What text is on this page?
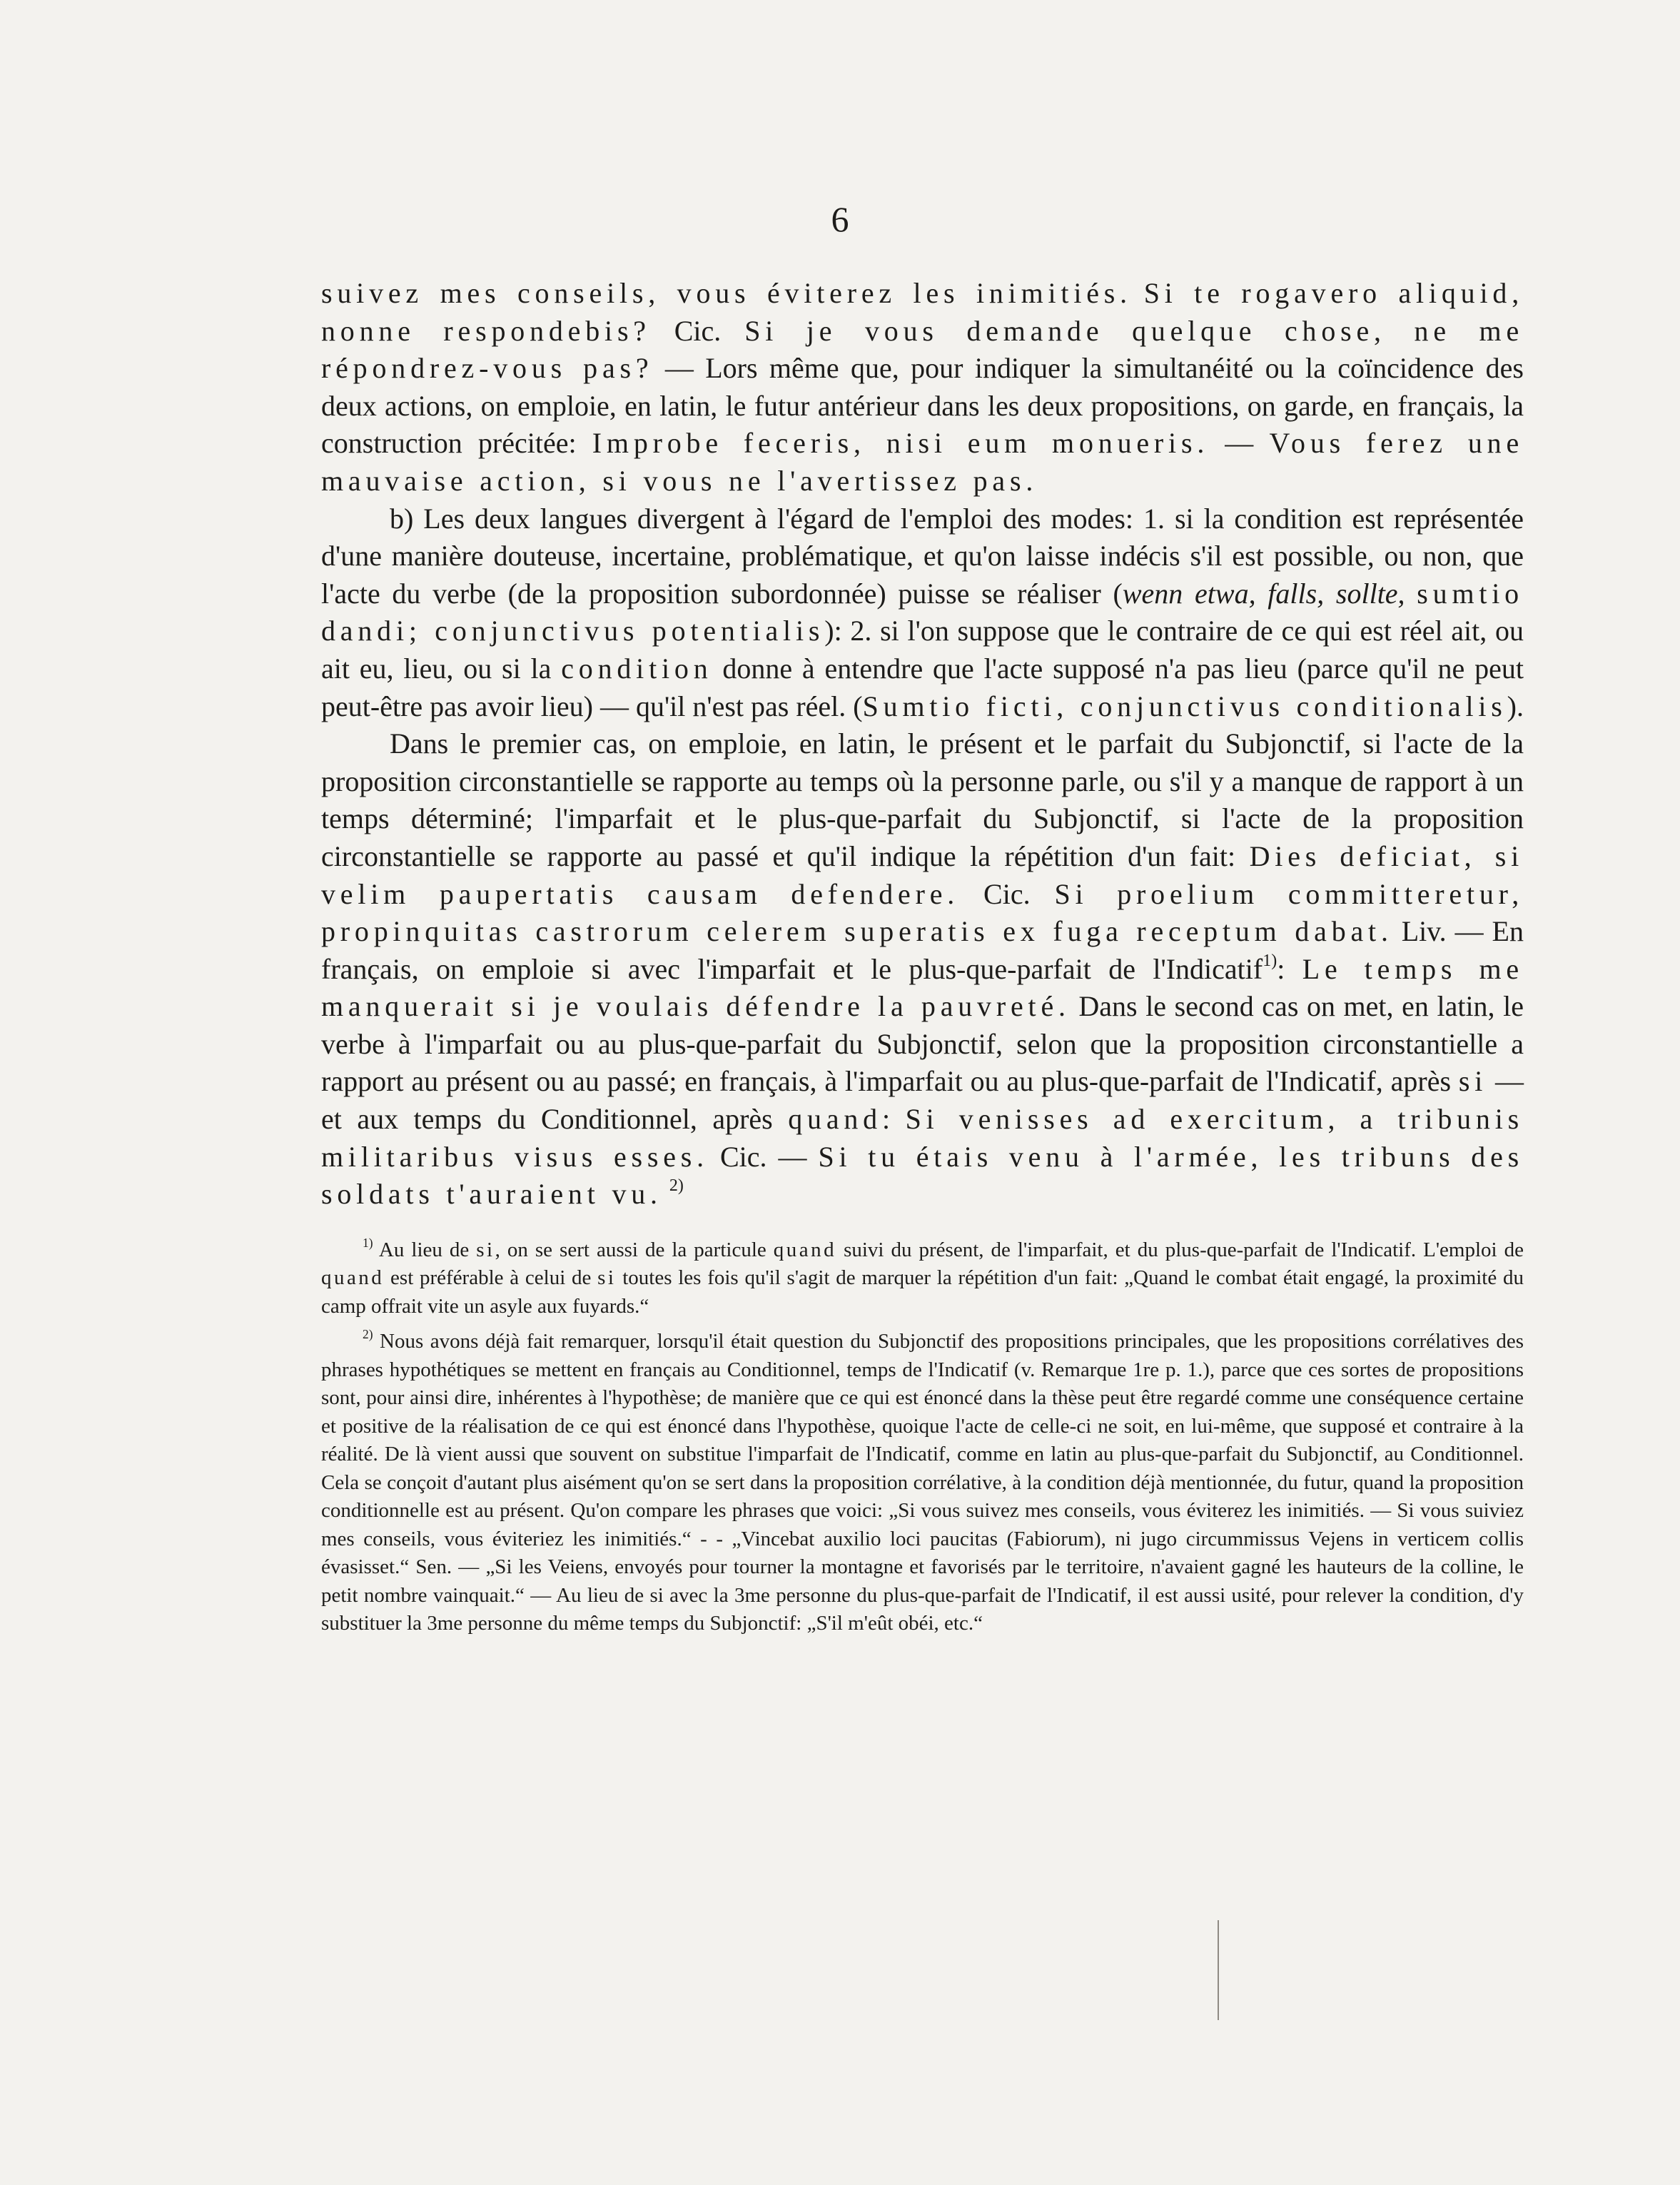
6

suivez mes conseils, vous éviterez les inimitiés. Si te rogavero aliquid, nonne respondebis? Cic. Si je vous demande quelque chose, ne me répondrez-vous pas? — Lors même que, pour indiquer la simultanéité ou la coïncidence des deux actions, on emploie, en latin, le futur antérieur dans les deux propositions, on garde, en français, la construction précitée: Improbe feceris, nisi eum monueris. — Vous ferez une mauvaise action, si vous ne l'avertissez pas.

b) Les deux langues divergent à l'égard de l'emploi des modes: 1. si la condition est représentée d'une manière douteuse, incertaine, problématique, et qu'on laisse indécis s'il est possible, ou non, que l'acte du verbe (de la proposition subordonnée) puisse se réaliser (wenn etwa, falls, sollte, sumtio dandi; conjunctivus potentialis): 2. si l'on suppose que le contraire de ce qui est réel ait, ou ait eu, lieu, ou si la condition donne à entendre que l'acte supposé n'a pas lieu (parce qu'il ne peut peut-être pas avoir lieu) — qu'il n'est pas réel. (Sumtio ficti, conjunctivus conditionalis).

Dans le premier cas, on emploie, en latin, le présent et le parfait du Subjonctif, si l'acte de la proposition circonstantielle se rapporte au temps où la personne parle, ou s'il y a manque de rapport à un temps déterminé; l'imparfait et le plus-que-parfait du Subjonctif, si l'acte de la proposition circonstantielle se rapporte au passé et qu'il indique la répétition d'un fait: Dies deficiat, si velim paupertatis causam defendere. Cic. Si proelium committeretur, propinquitas castrorum celerem superatis ex fuga receptum dabat. Liv. — En français, on emploie si avec l'imparfait et le plus-que-parfait de l'Indicatif$^{1)}$: Le temps me manquerait si je voulais défendre la pauvreté. Dans le second cas on met, en latin, le verbe à l'imparfait ou au plus-que-parfait du Subjonctif, selon que la proposition circonstantielle a rapport au présent ou au passé; en français, à l'imparfait ou au plus-que-parfait de l'Indicatif, après si — et aux temps du Conditionnel, après quand: Si venisses ad exercitum, a tribunis militaribus visus esses. Cic. — Si tu étais venu à l'armée, les tribuns des soldats t'auraient vu. $^{2)}$

$^{1)}$ Au lieu de si, on se sert aussi de la particule quand suivi du présent, de l'imparfait, et du plus-que-parfait de l'Indicatif. L'emploi de quand est préférable à celui de si toutes les fois qu'il s'agit de marquer la répétition d'un fait: „Quand le combat était engagé, la proximité du camp offrait vite un asyle aux fuyards.“

$^{2)}$ Nous avons déjà fait remarquer, lorsqu'il était question du Subjonctif des propositions principales, que les propositions corrélatives des phrases hypothétiques se mettent en français au Conditionnel, temps de l'Indicatif (v. Remarque 1re p. 1.), parce que ces sortes de propositions sont, pour ainsi dire, inhérentes à l'hypothèse; de manière que ce qui est énoncé dans la thèse peut être regardé comme une conséquence certaine et positive de la réalisation de ce qui est énoncé dans l'hypothèse, quoique l'acte de celle-ci ne soit, en lui-même, que supposé et contraire à la réalité. De là vient aussi que souvent on substitue l'imparfait de l'Indicatif, comme en latin au plus-que-parfait du Subjonctif, au Conditionnel. Cela se conçoit d'autant plus aisément qu'on se sert dans la proposition corrélative, à la condition déjà mentionnée, du futur, quand la proposition conditionnelle est au présent. Qu'on compare les phrases que voici: „Si vous suivez mes conseils, vous éviterez les inimitiés. — Si vous suiviez mes conseils, vous éviteriez les inimitiés.“ - - „Vincebat auxilio loci paucitas (Fabiorum), ni jugo circummissus Vejens in verticem collis évasisset.“ Sen. — „Si les Veiens, envoyés pour tourner la montagne et favorisés par le territoire, n'avaient gagné les hauteurs de la colline, le petit nombre vainquait.“ — Au lieu de si avec la 3me personne du plus-que-parfait de l'Indicatif, il est aussi usité, pour relever la condition, d'y substituer la 3me personne du même temps du Subjonctif: „S'il m'eût obéi, etc.“
